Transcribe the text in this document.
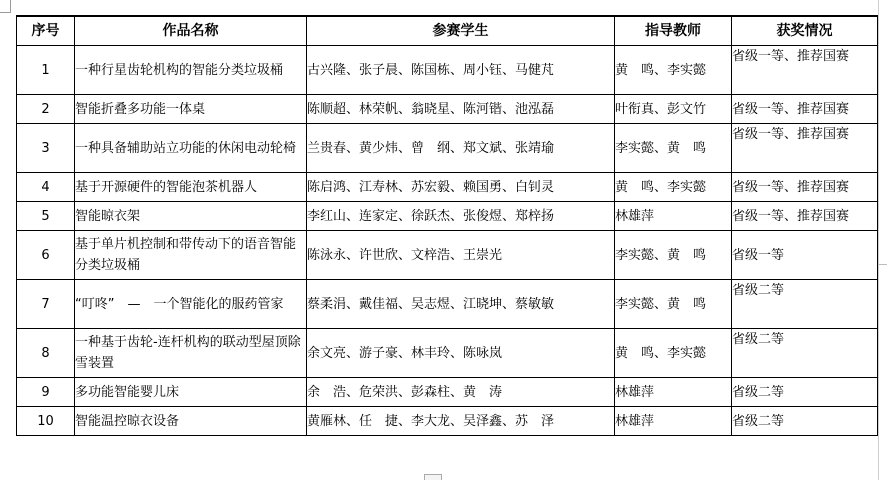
序号	作品名称	参赛学生	指导教师	获奖情况
1	一种行星齿轮机构的智能分类垃圾桶	古兴隆、张子晨、陈国栋、周小钰、马健芃	黄　鸣、李实懿	省级一等、推荐国赛
2	智能折叠多功能一体桌	陈顺超、林荣帆、翁晓星、陈河锴、池泓磊	叶衔真、彭文竹	省级一等、推荐国赛
3	一种具备辅助站立功能的休闲电动轮椅	兰贵春、黄少炜、曾　纲、郑文斌、张靖瑜	李实懿、黄　鸣	省级一等、推荐国赛
4	基于开源硬件的智能泡茶机器人	陈启鸿、江寿林、苏宏毅、赖国勇、白钊灵	黄　鸣、李实懿	省级一等、推荐国赛
5	智能晾衣架	李红山、连家定、徐跃杰、张俊煜、郑梓扬	林雄萍	省级一等、推荐国赛
6	基于单片机控制和带传动下的语音智能分类垃圾桶	陈泳永、许世欣、文梓浩、王崇光	李实懿、黄　鸣	省级一等
7	“叮咚”　—　一个智能化的服药管家	蔡柔涓、戴佳福、吴志煜、江晓坤、蔡敏敏	李实懿、黄　鸣	省级二等
8	一种基于齿轮-连杆机构的联动型屋顶除雪装置	余文亮、游子豪、林丰玲、陈咏岚	黄　鸣、李实懿	省级二等
9	多功能智能婴儿床	余　浩、危荣洪、彭森柱、黄　涛	林雄萍	省级二等
10	智能温控晾衣设备	黄雁林、任　捷、李大龙、吴泽鑫、苏　泽	林雄萍	省级二等
